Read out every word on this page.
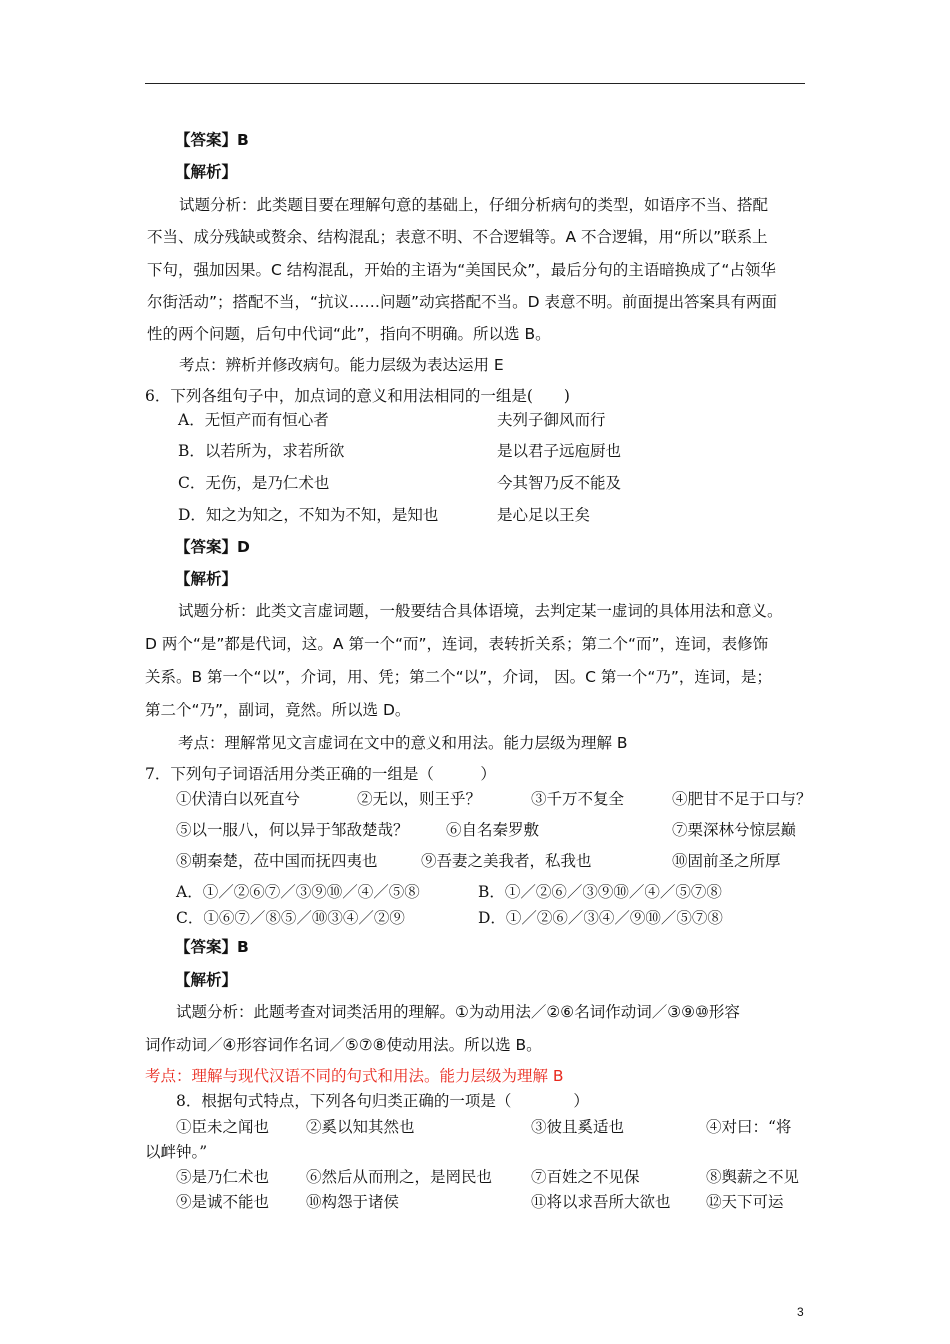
【答案】B
【解析】
试题分析：此类题目要在理解句意的基础上，仔细分析病句的类型，如语序不当、搭配
不当、成分残缺或赘余、结构混乱；表意不明、不合逻辑等。A 不合逻辑，用“所以”联系上
下句，强加因果。C 结构混乱，开始的主语为“美国民众”，最后分句的主语暗换成了“占领华
尔街活动”；搭配不当，“抗议……问题”动宾搭配不当。D 表意不明。前面提出答案具有两面
性的两个问题，后句中代词“此”，指向不明确。所以选 B。
考点：辨析并修改病句。能力层级为表达运用 E
6．下列各组句子中，加点词的意义和用法相同的一组是(　　)
A．无恒产而有恒心者	夫列子御风而行
B．以若所为，求若所欲	是以君子远庖厨也
C．无伤，是乃仁术也	今其智乃反不能及
D．知之为知之，不知为不知，是知也	是心足以王矣
【答案】D
【解析】
试题分析：此类文言虚词题，一般要结合具体语境，去判定某一虚词的具体用法和意义。
D 两个“是”都是代词，这。A 第一个“而”，连词，表转折关系；第二个“而”，连词，表修饰
关系。B 第一个“以”，介词，用、凭；第二个“以”，介词， 因。C 第一个“乃”，连词，是；
第二个“乃”，副词，竟然。所以选 D。
考点：理解常见文言虚词在文中的意义和用法。能力层级为理解 B
7．下列句子词语活用分类正确的一组是（　　　）
①伏清白以死直兮	②无以，则王乎？	③千万不复全	④肥甘不足于口与？
⑤以一服八，何以异于邹敌楚哉？ ⑥自名秦罗敷	⑦栗深林兮惊层巅
⑧朝秦楚，莅中国而抚四夷也	⑨吾妻之美我者，私我也	⑩固前圣之所厚
A．①／②⑥⑦／③⑨⑩／④／⑤⑧	B．①／②⑥／③⑨⑩／④／⑤⑦⑧
C．①⑥⑦／⑧⑤／⑩③④／②⑨	D．①／②⑥／③④／⑨⑩／⑤⑦⑧
【答案】B
【解析】
试题分析：此题考查对词类活用的理解。①为动用法／②⑥名词作动词／③⑨⑩形容
词作动词／④形容词作名词／⑤⑦⑧使动用法。所以选 B。
考点：理解与现代汉语不同的句式和用法。能力层级为理解 B
8．根据句式特点，下列各句归类正确的一项是（　　　　）
①臣未之闻也 ②奚以知其然也	③彼且奚适也	④对曰：“将
以衅钟。”
⑤是乃仁术也 ⑥然后从而刑之，是罔民也	⑦百姓之不见保	⑧舆薪之不见
⑨是诚不能也 ⑩构怨于诸侯	⑪将以求吾所大欲也 ⑫天下可运
3
